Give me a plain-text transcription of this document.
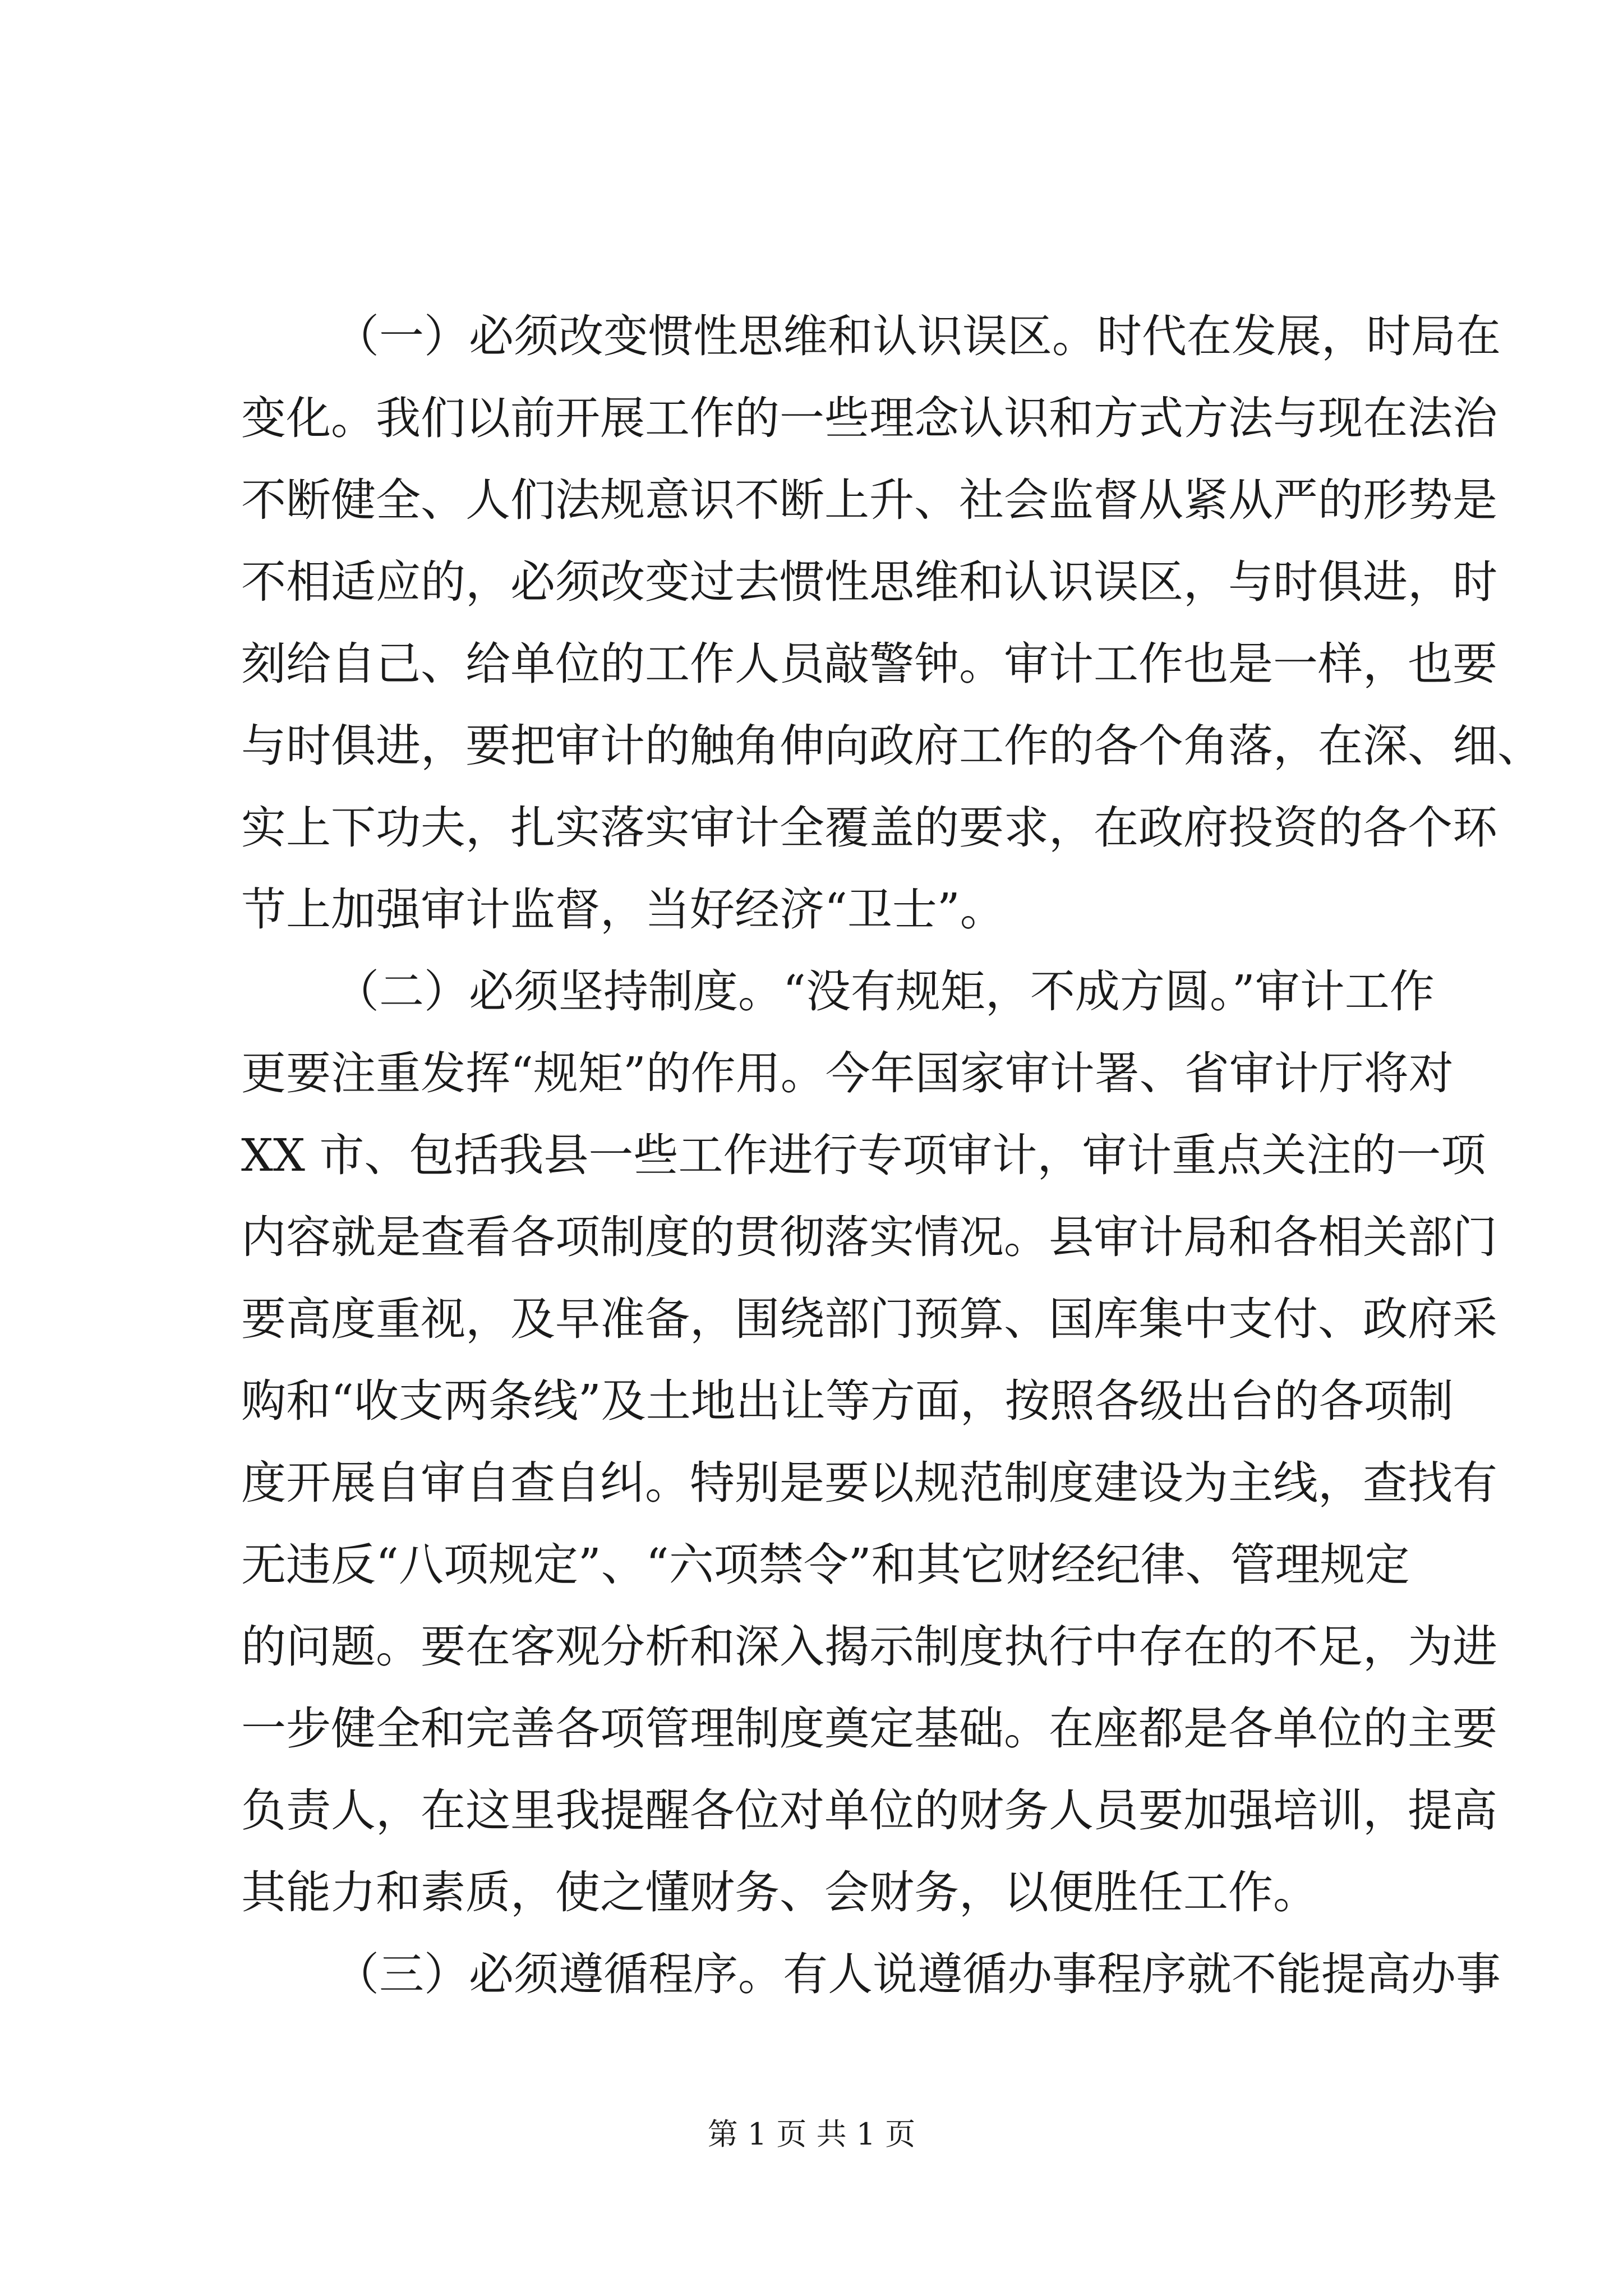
（一）必须改变惯性思维和认识误区。时代在发展，时局在
变化。我们以前开展工作的一些理念认识和方式方法与现在法治
不断健全、人们法规意识不断上升、社会监督从紧从严的形势是
不相适应的，必须改变过去惯性思维和认识误区，与时俱进，时
刻给自己、给单位的工作人员敲警钟。审计工作也是一样，也要
与时俱进，要把审计的触角伸向政府工作的各个角落，在深、细、
实上下功夫，扎实落实审计全覆盖的要求，在政府投资的各个环
节上加强审计监督，当好经济“卫士”。
（二）必须坚持制度。“没有规矩，不成方圆。”审计工作
更要注重发挥“规矩”的作用。今年国家审计署、省审计厅将对
XX 市、包括我县一些工作进行专项审计，审计重点关注的一项
内容就是查看各项制度的贯彻落实情况。县审计局和各相关部门
要高度重视，及早准备，围绕部门预算、国库集中支付、政府采
购和“收支两条线”及土地出让等方面，按照各级出台的各项制
度开展自审自查自纠。特别是要以规范制度建设为主线，查找有
无违反“八项规定”、“六项禁令”和其它财经纪律、管理规定
的问题。要在客观分析和深入揭示制度执行中存在的不足，为进
一步健全和完善各项管理制度奠定基础。在座都是各单位的主要
负责人，在这里我提醒各位对单位的财务人员要加强培训，提高
其能力和素质，使之懂财务、会财务，以便胜任工作。
（三）必须遵循程序。有人说遵循办事程序就不能提高办事
第 1 页 共 1 页
